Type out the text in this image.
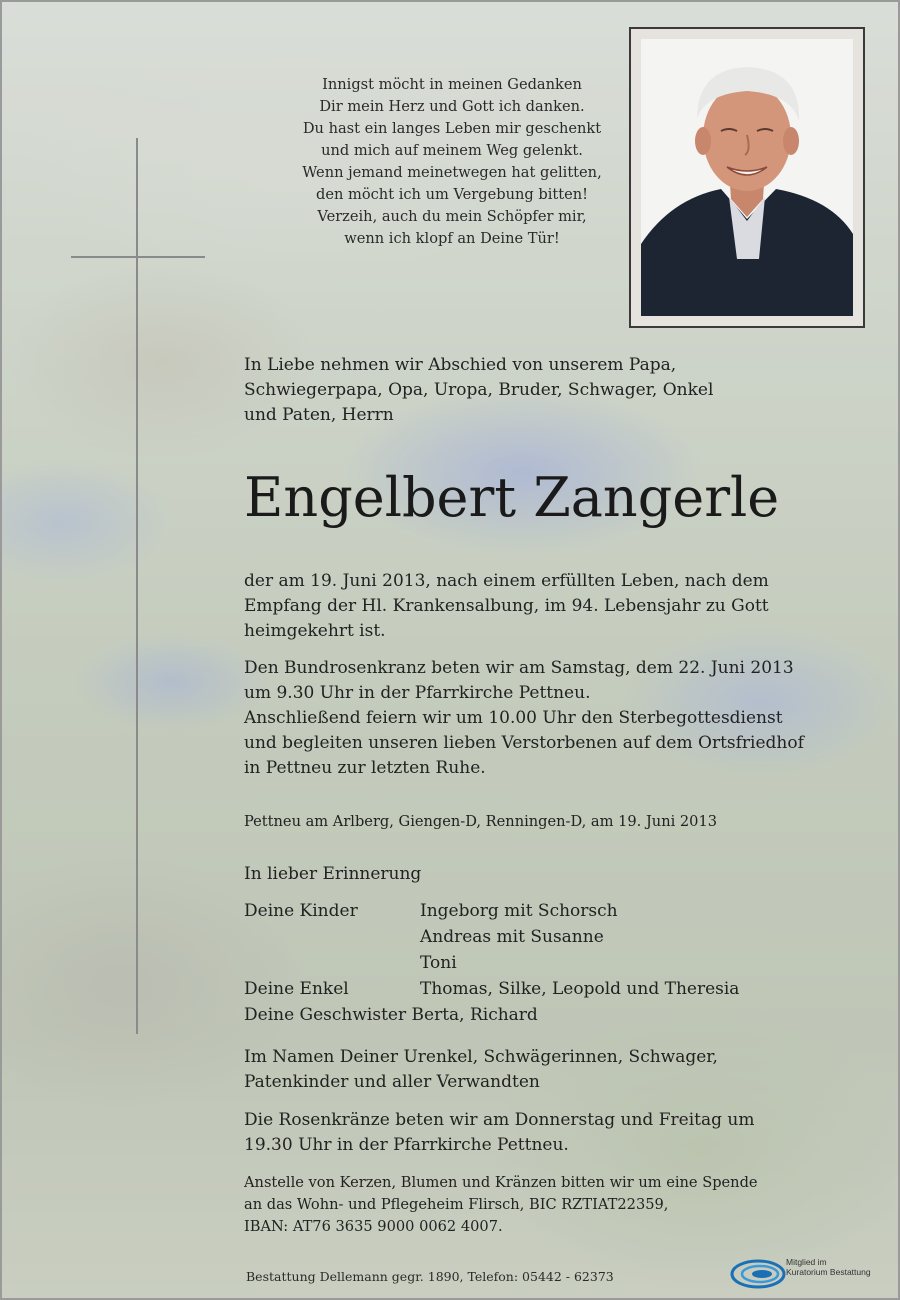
Innigst möcht in meinen Gedanken
Dir mein Herz und Gott ich danken.
Du hast ein langes Leben mir geschenkt
und mich auf meinem Weg gelenkt.
Wenn jemand meinetwegen hat gelitten,
den möcht ich um Vergebung bitten!
Verzeih, auch du mein Schöpfer mir,
wenn ich klopf an Deine Tür!
In Liebe nehmen wir Abschied von unserem Papa,
Schwiegerpapa, Opa, Uropa, Bruder, Schwager, Onkel
und Paten, Herrn
Engelbert Zangerle
der am 19. Juni 2013, nach einem erfüllten Leben, nach dem
Empfang der Hl. Krankensalbung, im 94. Lebensjahr zu Gott
heimgekehrt ist.
Den Bundrosenkranz beten wir am Samstag, dem 22. Juni 2013
um 9.30 Uhr in der Pfarrkirche Pettneu.
Anschließend feiern wir um 10.00 Uhr den Sterbegottesdienst
und begleiten unseren lieben Verstorbenen auf dem Ortsfriedhof
in Pettneu zur letzten Ruhe.
Pettneu am Arlberg, Giengen-D, Renningen-D, am 19. Juni 2013
In lieber Erinnerung
Deine Kinder	Ingeborg mit Schorsch
Andreas mit Susanne
Toni
Deine Enkel	Thomas, Silke, Leopold und Theresia
Deine Geschwister Berta, Richard
Im Namen Deiner Urenkel, Schwägerinnen, Schwager,
Patenkinder und aller Verwandten
Die Rosenkränze beten wir am Donnerstag und Freitag um
19.30 Uhr in der Pfarrkirche Pettneu.
Anstelle von Kerzen, Blumen und Kränzen bitten wir um eine Spende
an das Wohn- und Pflegeheim Flirsch, BIC RZTIAT22359,
IBAN: AT76 3635 9000 0062 4007.
Bestattung Dellemann gegr. 1890, Telefon: 05442 - 62373
Mitglied im
Kuratorium Bestattung
